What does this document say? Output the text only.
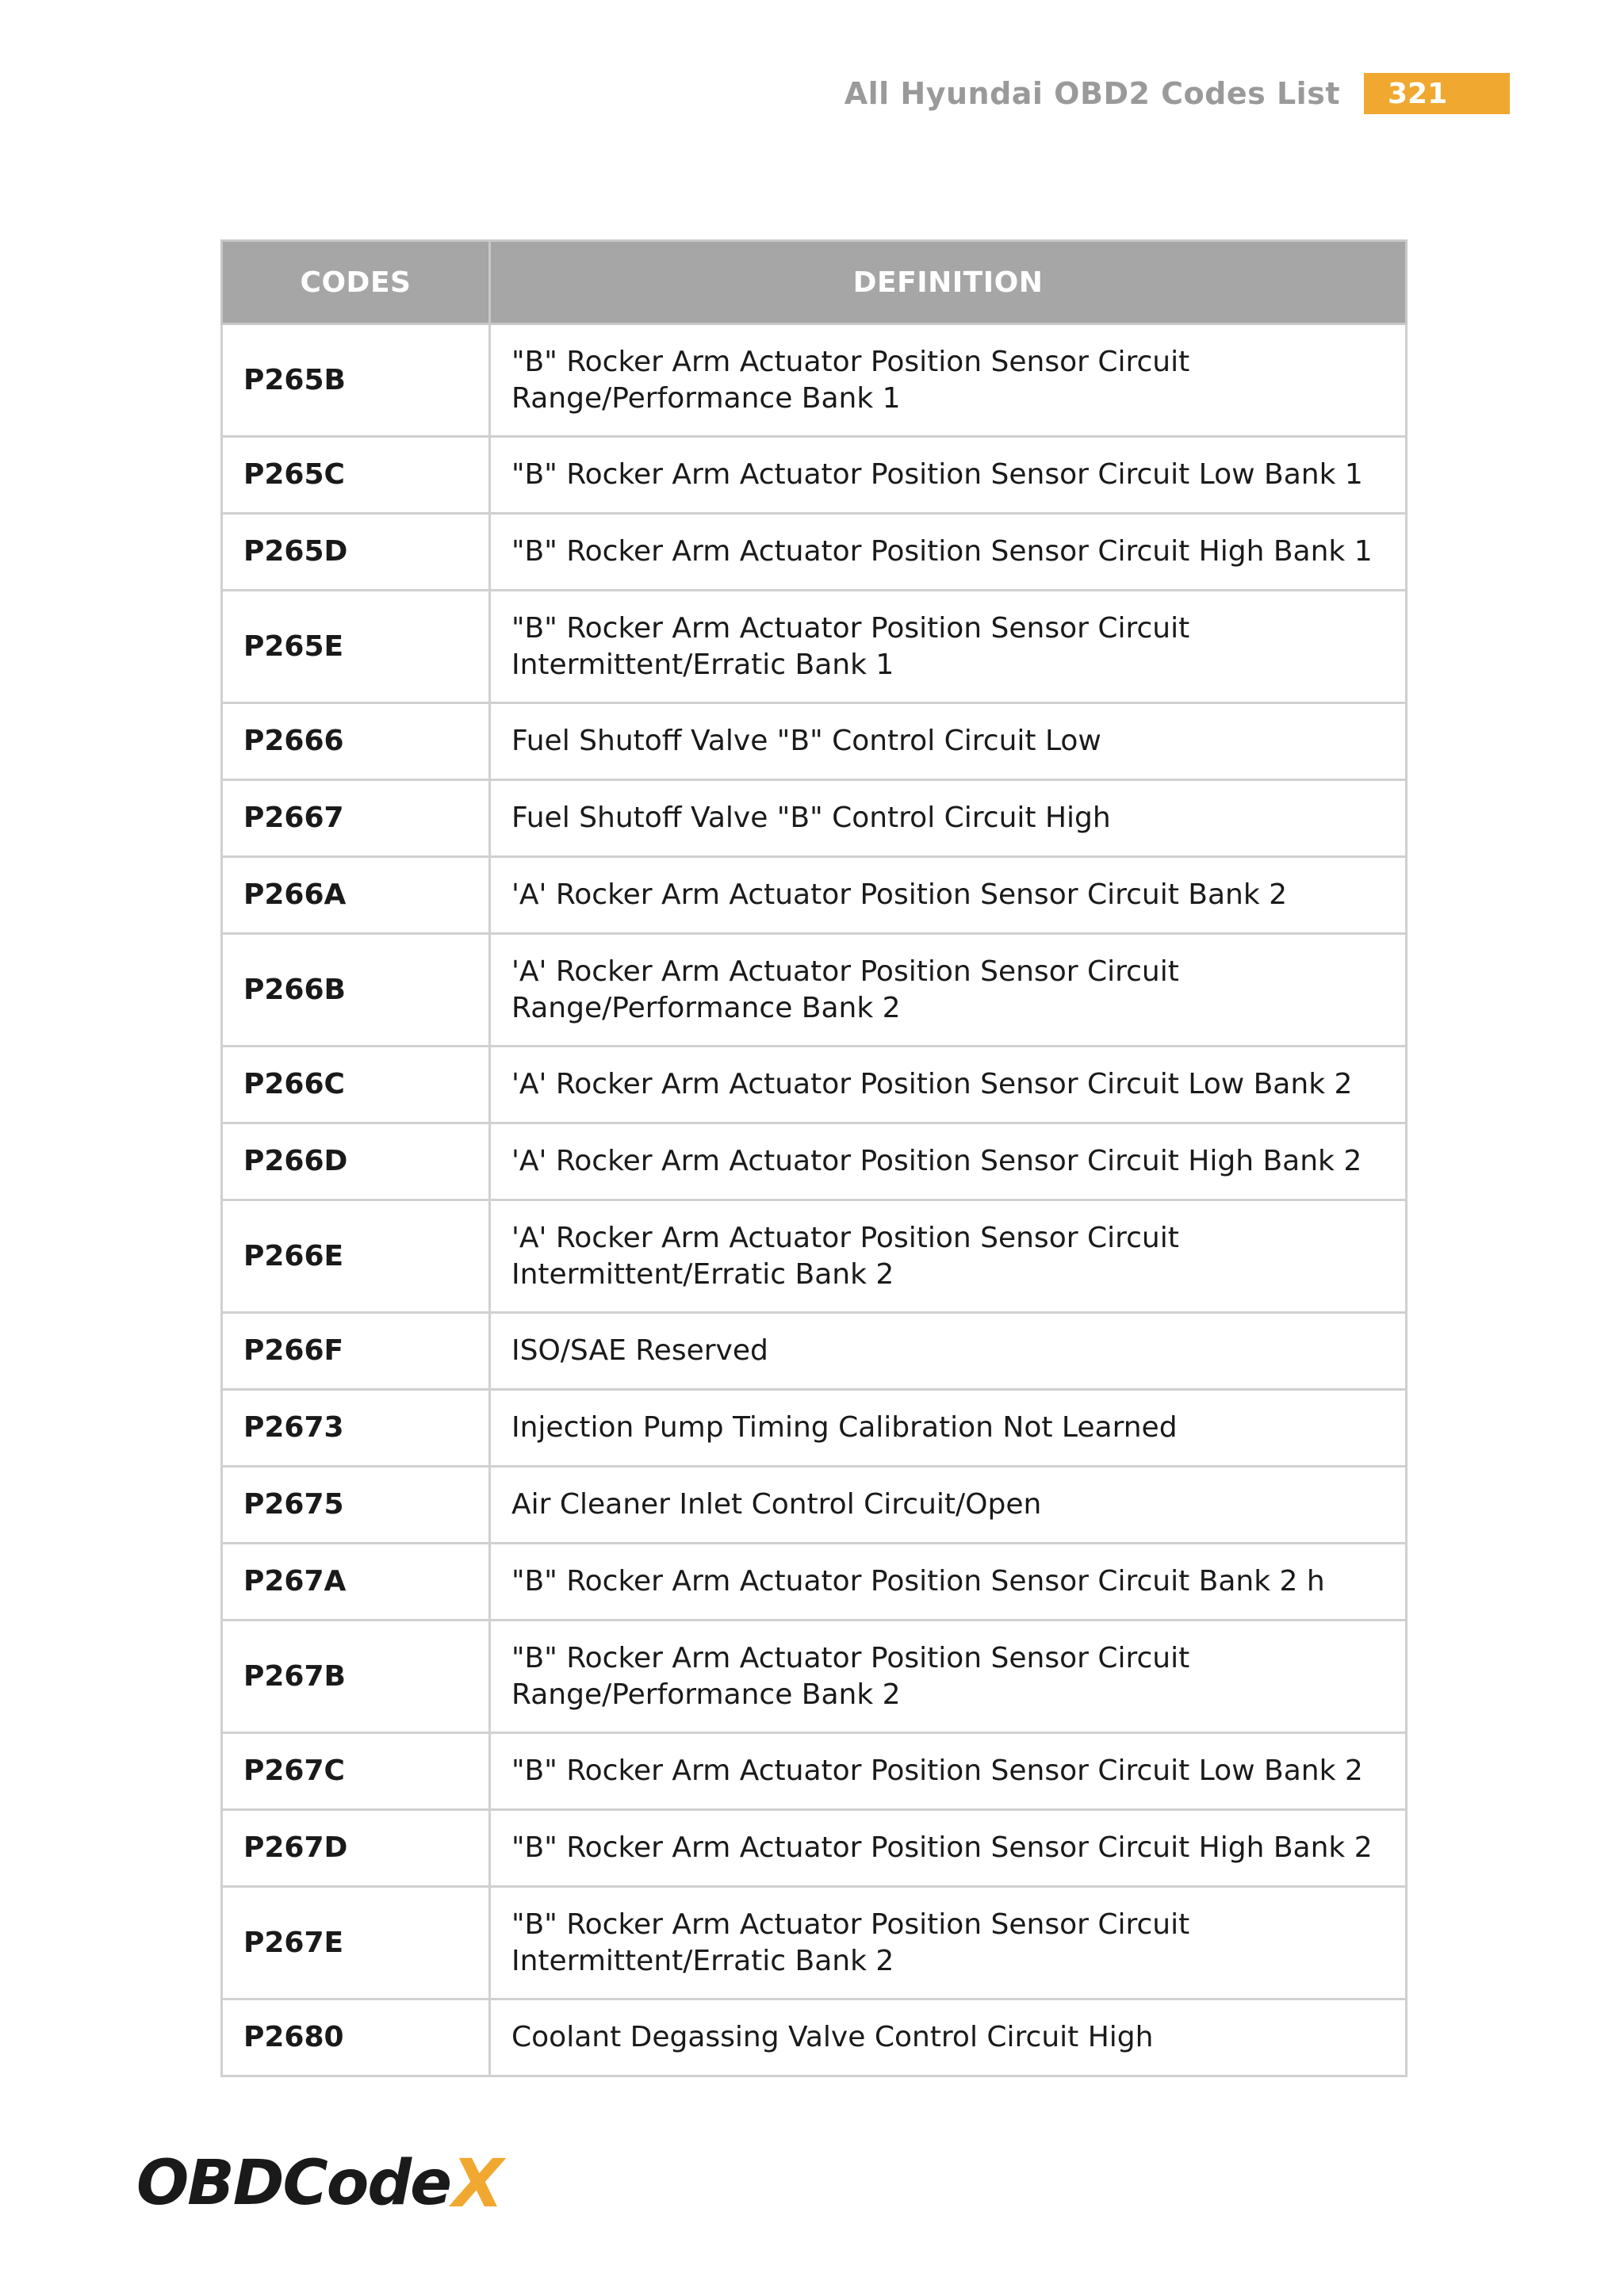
All Hyundai OBD2 Codes List	321
CODES	DEFINITION
P265B	"B" Rocker Arm Actuator Position Sensor Circuit Range/Performance Bank 1
P265C	"B" Rocker Arm Actuator Position Sensor Circuit Low Bank 1
P265D	"B" Rocker Arm Actuator Position Sensor Circuit High Bank 1
P265E	"B" Rocker Arm Actuator Position Sensor Circuit Intermittent/Erratic Bank 1
P2666	Fuel Shutoff Valve "B" Control Circuit Low
P2667	Fuel Shutoff Valve "B" Control Circuit High
P266A	'A' Rocker Arm Actuator Position Sensor Circuit Bank 2
P266B	'A' Rocker Arm Actuator Position Sensor Circuit Range/Performance Bank 2
P266C	'A' Rocker Arm Actuator Position Sensor Circuit Low Bank 2
P266D	'A' Rocker Arm Actuator Position Sensor Circuit High Bank 2
P266E	'A' Rocker Arm Actuator Position Sensor Circuit Intermittent/Erratic Bank 2
P266F	ISO/SAE Reserved
P2673	Injection Pump Timing Calibration Not Learned
P2675	Air Cleaner Inlet Control Circuit/Open
P267A	"B" Rocker Arm Actuator Position Sensor Circuit Bank 2 h
P267B	"B" Rocker Arm Actuator Position Sensor Circuit Range/Performance Bank 2
P267C	"B" Rocker Arm Actuator Position Sensor Circuit Low Bank 2
P267D	"B" Rocker Arm Actuator Position Sensor Circuit High Bank 2
P267E	"B" Rocker Arm Actuator Position Sensor Circuit Intermittent/Erratic Bank 2
P2680	Coolant Degassing Valve Control Circuit High
OBDCode X
